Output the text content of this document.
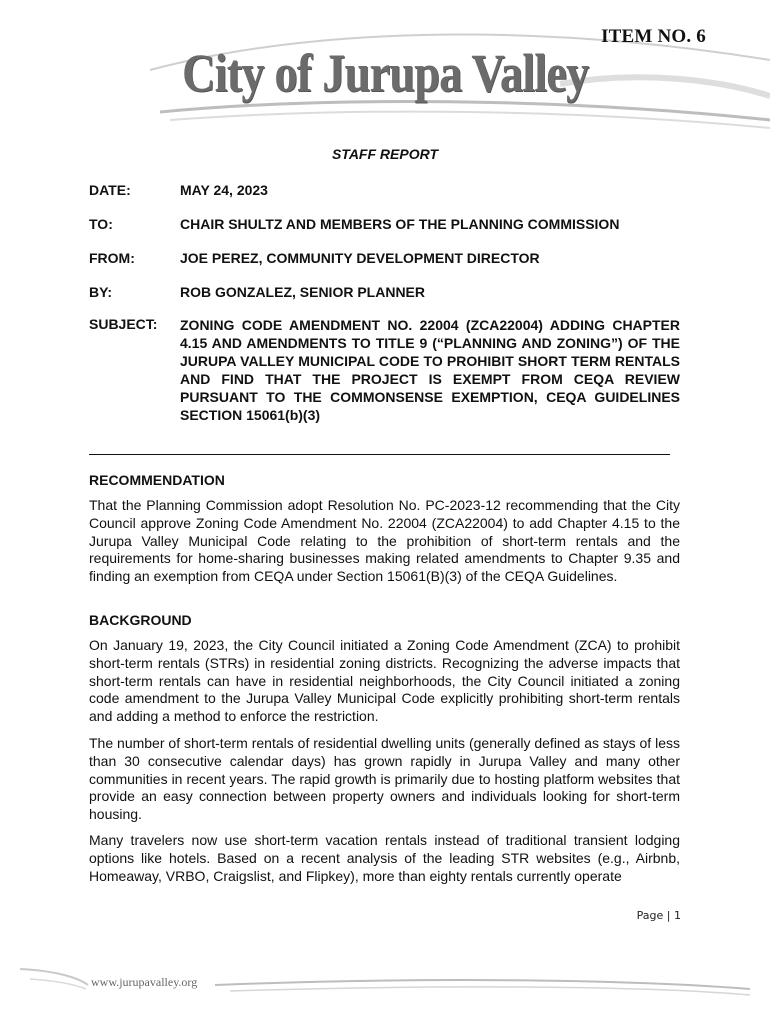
ITEM NO. 6
City of Jurupa Valley
STAFF REPORT
DATE:	MAY 24, 2023
TO:	CHAIR SHULTZ AND MEMBERS OF THE PLANNING COMMISSION
FROM:	JOE PEREZ, COMMUNITY DEVELOPMENT DIRECTOR
BY:	ROB GONZALEZ, SENIOR PLANNER
SUBJECT:	ZONING CODE AMENDMENT NO. 22004 (ZCA22004) ADDING CHAPTER 4.15 AND AMENDMENTS TO TITLE 9 (“PLANNING AND ZONING”) OF THE JURUPA VALLEY MUNICIPAL CODE TO PROHIBIT SHORT TERM RENTALS AND FIND THAT THE PROJECT IS EXEMPT FROM CEQA REVIEW PURSUANT TO THE COMMONSENSE EXEMPTION, CEQA GUIDELINES SECTION 15061(b)(3)
RECOMMENDATION
That the Planning Commission adopt Resolution No. PC-2023-12 recommending that the City Council approve Zoning Code Amendment No. 22004 (ZCA22004) to add Chapter 4.15 to the Jurupa Valley Municipal Code relating to the prohibition of short-term rentals and the requirements for home-sharing businesses making related amendments to Chapter 9.35 and finding an exemption from CEQA under Section 15061(B)(3) of the CEQA Guidelines.
BACKGROUND
On January 19, 2023, the City Council initiated a Zoning Code Amendment (ZCA) to prohibit short-term rentals (STRs) in residential zoning districts. Recognizing the adverse impacts that short-term rentals can have in residential neighborhoods, the City Council initiated a zoning code amendment to the Jurupa Valley Municipal Code explicitly prohibiting short-term rentals and adding a method to enforce the restriction.
The number of short-term rentals of residential dwelling units (generally defined as stays of less than 30 consecutive calendar days) has grown rapidly in Jurupa Valley and many other communities in recent years. The rapid growth is primarily due to hosting platform websites that provide an easy connection between property owners and individuals looking for short-term housing.
Many travelers now use short-term vacation rentals instead of traditional transient lodging options like hotels. Based on a recent analysis of the leading STR websites (e.g., Airbnb, Homeaway, VRBO, Craigslist, and Flipkey), more than eighty rentals currently operate
Page | 1
www.jurupavalley.org
